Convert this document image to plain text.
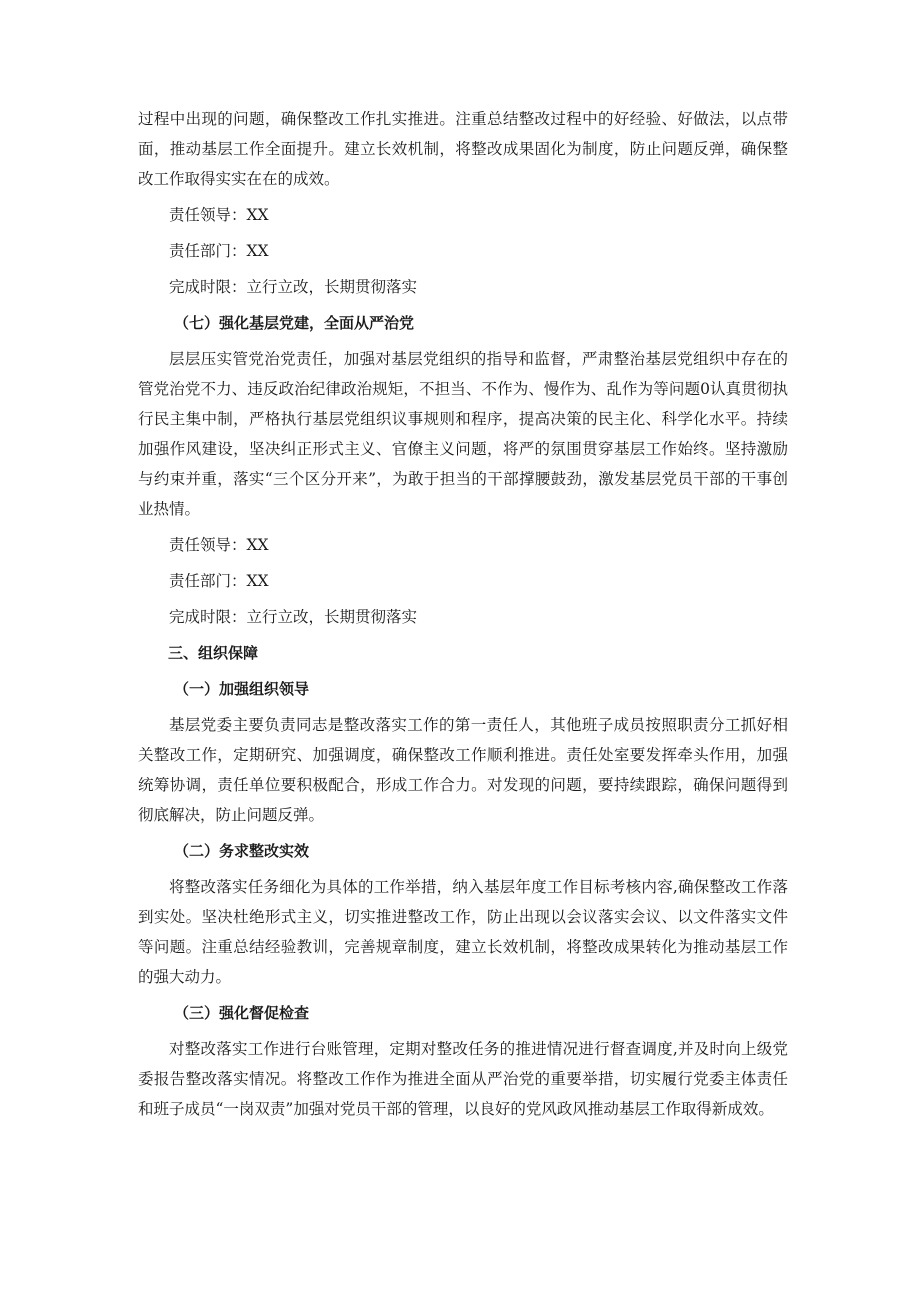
过程中出现的问题，确保整改工作扎实推进。注重总结整改过程中的好经验、好做法，以点带面，推动基层工作全面提升。建立长效机制，将整改成果固化为制度，防止问题反弹，确保整改工作取得实实在在的成效。

责任领导：XX

责任部门：XX

完成时限：立行立改，长期贯彻落实

（七）强化基层党建，全面从严治党

层层压实管党治党责任，加强对基层党组织的指导和监督，严肃整治基层党组织中存在的管党治党不力、违反政治纪律政治规矩，不担当、不作为、慢作为、乱作为等问题0认真贯彻执行民主集中制，严格执行基层党组织议事规则和程序，提高决策的民主化、科学化水平。持续加强作风建设，坚决纠正形式主义、官僚主义问题，将严的氛围贯穿基层工作始终。坚持激励与约束并重，落实“三个区分开来”，为敢于担当的干部撑腰鼓劲，激发基层党员干部的干事创业热情。

责任领导：XX

责任部门：XX

完成时限：立行立改，长期贯彻落实

三、组织保障

（一）加强组织领导

基层党委主要负责同志是整改落实工作的第一责任人，其他班子成员按照职责分工抓好相关整改工作，定期研究、加强调度，确保整改工作顺利推进。责任处室要发挥牵头作用，加强统筹协调，责任单位要积极配合，形成工作合力。对发现的问题，要持续跟踪，确保问题得到彻底解决，防止问题反弹。

（二）务求整改实效

将整改落实任务细化为具体的工作举措，纳入基层年度工作目标考核内容,确保整改工作落到实处。坚决杜绝形式主义，切实推进整改工作，防止出现以会议落实会议、以文件落实文件等问题。注重总结经验教训，完善规章制度，建立长效机制，将整改成果转化为推动基层工作的强大动力。

（三）强化督促检查

对整改落实工作进行台账管理，定期对整改任务的推进情况进行督查调度,并及时向上级党委报告整改落实情况。将整改工作作为推进全面从严治党的重要举措，切实履行党委主体责任和班子成员“一岗双责”加强对党员干部的管理，以良好的党风政风推动基层工作取得新成效。
